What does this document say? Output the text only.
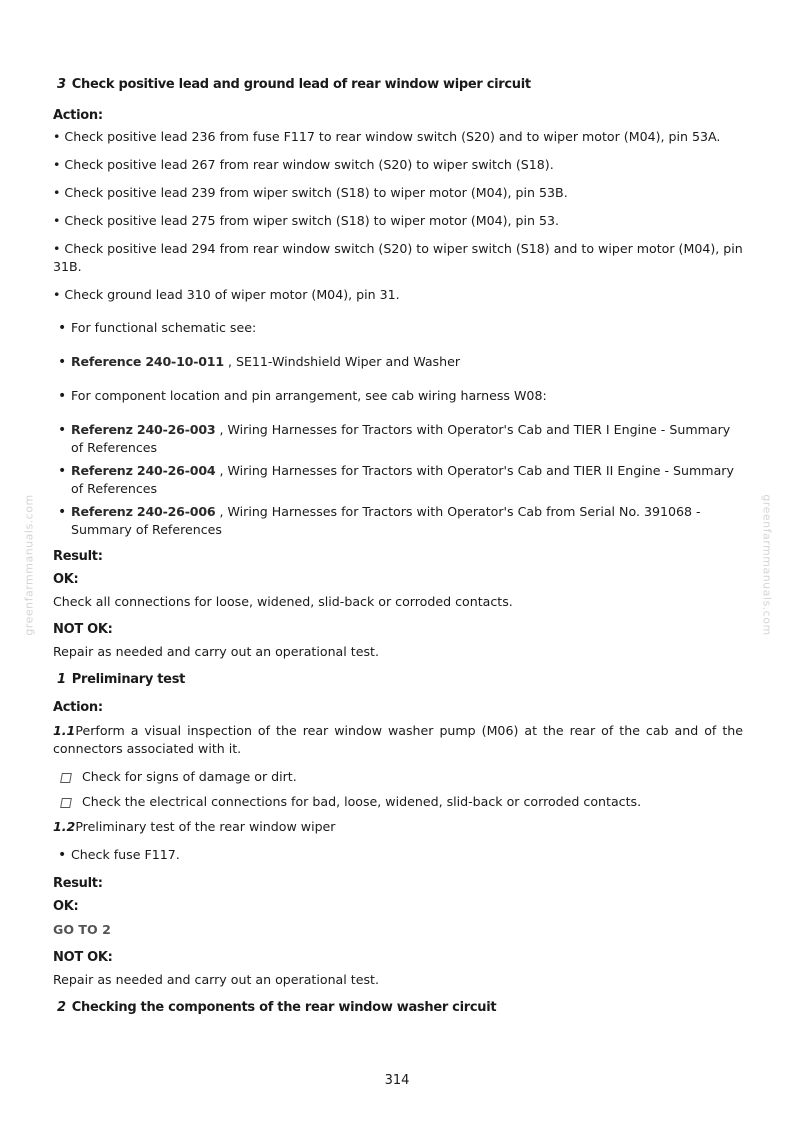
greenfarmmanuals.com	greenfarmmanuals.com
3 Check positive lead and ground lead of rear window wiper circuit

Action:

• Check positive lead 236 from fuse F117 to rear window switch (S20) and to wiper motor (M04), pin 53A.

• Check positive lead 267 from rear window switch (S20) to wiper switch (S18).

• Check positive lead 239 from wiper switch (S18) to wiper motor (M04), pin 53B.

• Check positive lead 275 from wiper switch (S18) to wiper motor (M04), pin 53.

• Check positive lead 294 from rear window switch (S20) to wiper switch (S18) and to wiper motor (M04), pin 31B.

• Check ground lead 310 of wiper motor (M04), pin 31.

• For functional schematic see:

• Reference 240-10-011 , SE11-Windshield Wiper and Washer

• For component location and pin arrangement, see cab wiring harness W08:

• Referenz 240-26-003 , Wiring Harnesses for Tractors with Operator's Cab and TIER I Engine - Summary of References

• Referenz 240-26-004 , Wiring Harnesses for Tractors with Operator's Cab and TIER II Engine - Summary of References

• Referenz 240-26-006 , Wiring Harnesses for Tractors with Operator's Cab from Serial No. 391068 - Summary of References

Result:

OK:

Check all connections for loose, widened, slid-back or corroded contacts.

NOT OK:

Repair as needed and carry out an operational test.

1 Preliminary test

Action:

1.1Perform a visual inspection of the rear window washer pump (M06) at the rear of the cab and of the connectors associated with it.

Check for signs of damage or dirt.

Check the electrical connections for bad, loose, widened, slid-back or corroded contacts.

1.2Preliminary test of the rear window wiper

• Check fuse F117.

Result:

OK:

GO TO 2

NOT OK:

Repair as needed and carry out an operational test.

2 Checking the components of the rear window washer circuit
314
